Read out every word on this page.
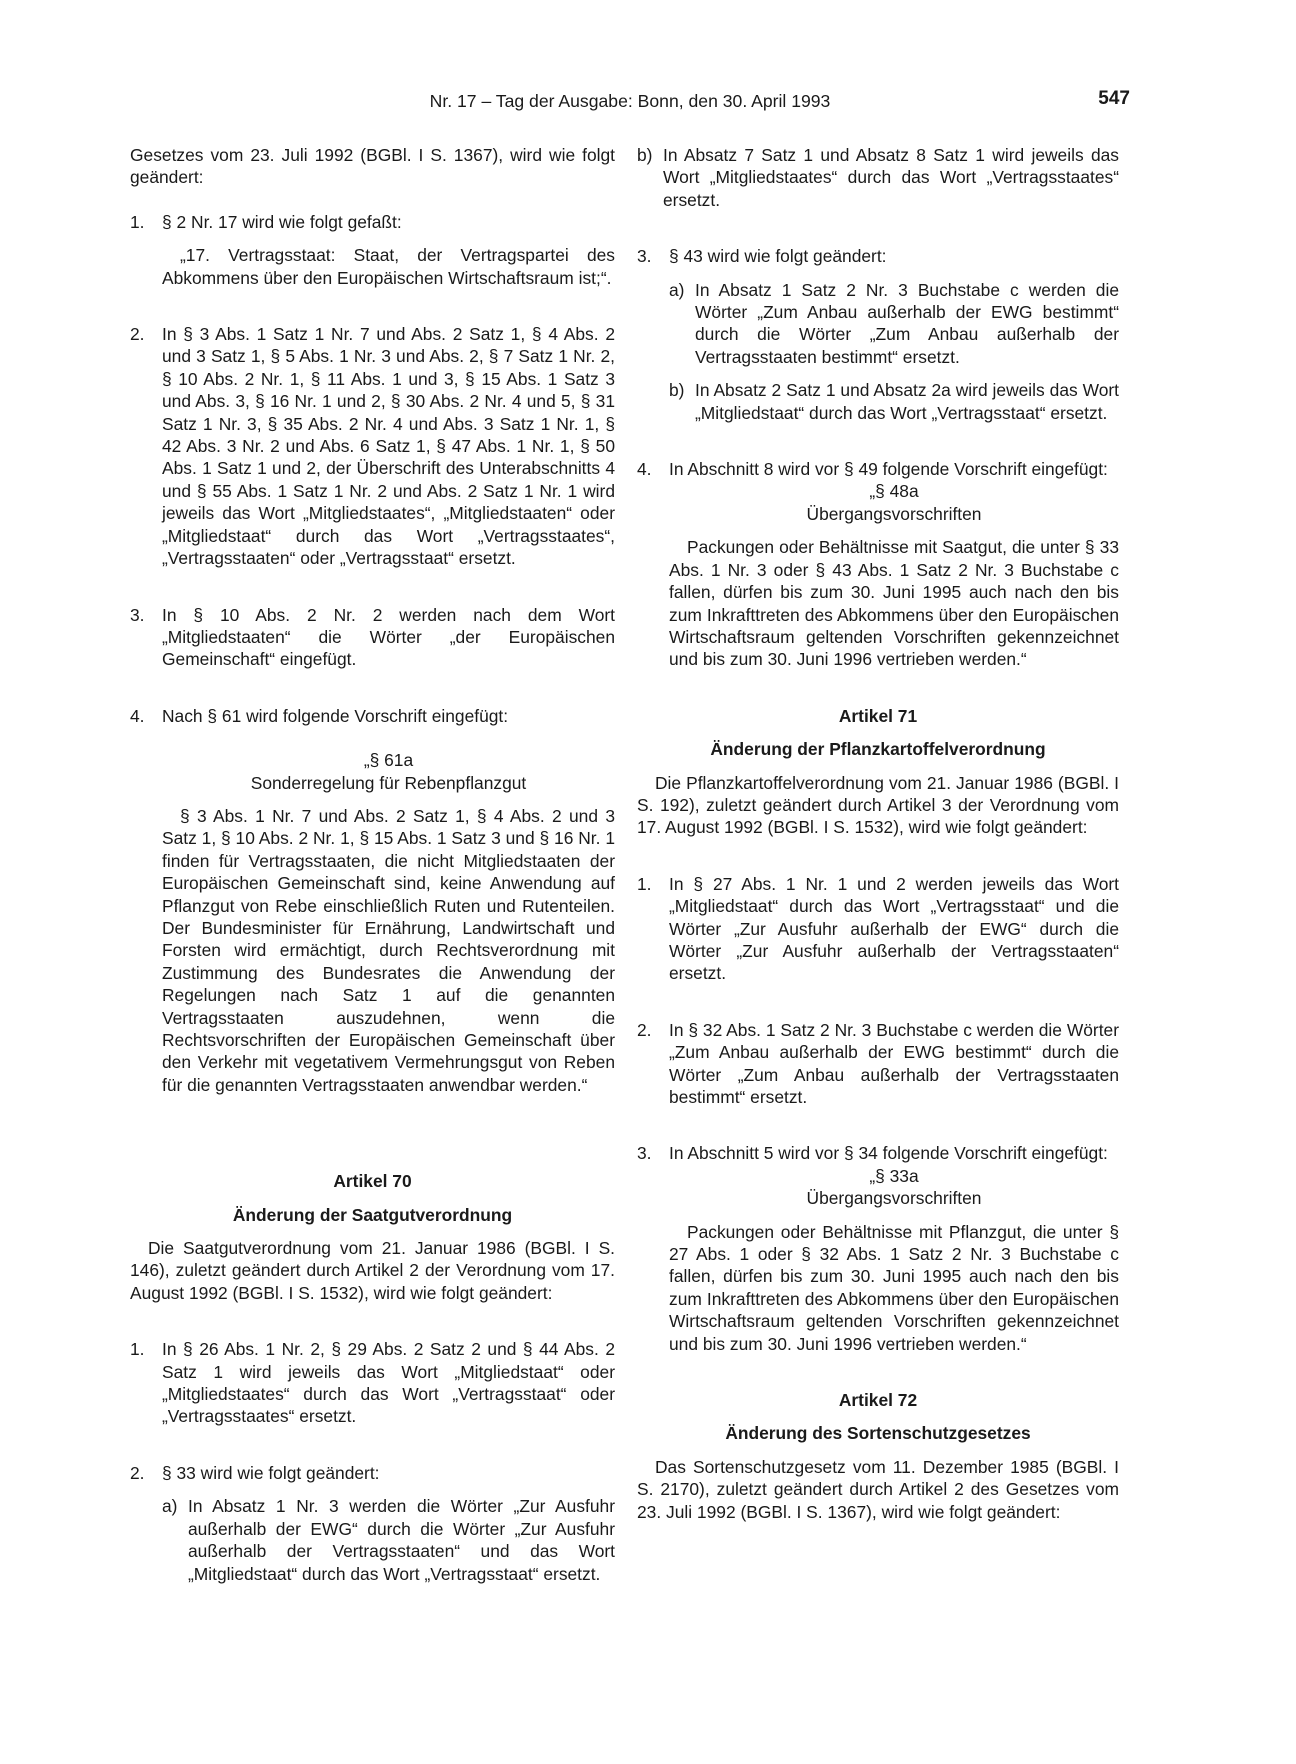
Nr. 17 – Tag der Ausgabe: Bonn, den 30. April 1993	547

Gesetzes vom 23. Juli 1992 (BGBl. I S. 1367), wird wie folgt geändert:

1. § 2 Nr. 17 wird wie folgt gefaßt:

„17. Vertragsstaat: Staat, der Vertragspartei des Abkommens über den Europäischen Wirtschaftsraum ist;“.

2. In § 3 Abs. 1 Satz 1 Nr. 7 und Abs. 2 Satz 1, § 4 Abs. 2 und 3 Satz 1, § 5 Abs. 1 Nr. 3 und Abs. 2, § 7 Satz 1 Nr. 2, § 10 Abs. 2 Nr. 1, § 11 Abs. 1 und 3, § 15 Abs. 1 Satz 3 und Abs. 3, § 16 Nr. 1 und 2, § 30 Abs. 2 Nr. 4 und 5, § 31 Satz 1 Nr. 3, § 35 Abs. 2 Nr. 4 und Abs. 3 Satz 1 Nr. 1, § 42 Abs. 3 Nr. 2 und Abs. 6 Satz 1, § 47 Abs. 1 Nr. 1, § 50 Abs. 1 Satz 1 und 2, der Überschrift des Unterabschnitts 4 und § 55 Abs. 1 Satz 1 Nr. 2 und Abs. 2 Satz 1 Nr. 1 wird jeweils das Wort „Mitgliedstaates“, „Mitgliedstaaten“ oder „Mitgliedstaat“ durch das Wort „Vertragsstaates“, „Vertragsstaaten“ oder „Vertragsstaat“ ersetzt.

3. In § 10 Abs. 2 Nr. 2 werden nach dem Wort „Mitgliedstaaten“ die Wörter „der Europäischen Gemeinschaft“ eingefügt.

4. Nach § 61 wird folgende Vorschrift eingefügt:

„§ 61a

Sonderregelung für Rebenpflanzgut

§ 3 Abs. 1 Nr. 7 und Abs. 2 Satz 1, § 4 Abs. 2 und 3 Satz 1, § 10 Abs. 2 Nr. 1, § 15 Abs. 1 Satz 3 und § 16 Nr. 1 finden für Vertragsstaaten, die nicht Mitgliedstaaten der Europäischen Gemeinschaft sind, keine Anwendung auf Pflanzgut von Rebe einschließlich Ruten und Rutenteilen. Der Bundesminister für Ernährung, Landwirtschaft und Forsten wird ermächtigt, durch Rechtsverordnung mit Zustimmung des Bundesrates die Anwendung der Regelungen nach Satz 1 auf die genannten Vertragsstaaten auszudehnen, wenn die Rechtsvorschriften der Europäischen Gemeinschaft über den Verkehr mit vegetativem Vermehrungsgut von Reben für die genannten Vertragsstaaten anwendbar werden.“

Artikel 70

Änderung der Saatgutverordnung

Die Saatgutverordnung vom 21. Januar 1986 (BGBl. I S. 146), zuletzt geändert durch Artikel 2 der Verordnung vom 17. August 1992 (BGBl. I S. 1532), wird wie folgt geändert:

1. In § 26 Abs. 1 Nr. 2, § 29 Abs. 2 Satz 2 und § 44 Abs. 2 Satz 1 wird jeweils das Wort „Mitgliedstaat“ oder „Mitgliedstaates“ durch das Wort „Vertragsstaat“ oder „Vertragsstaates“ ersetzt.

2. § 33 wird wie folgt geändert:

a) In Absatz 1 Nr. 3 werden die Wörter „Zur Ausfuhr außerhalb der EWG“ durch die Wörter „Zur Ausfuhr außerhalb der Vertragsstaaten“ und das Wort „Mitgliedstaat“ durch das Wort „Vertragsstaat“ ersetzt.

b) In Absatz 7 Satz 1 und Absatz 8 Satz 1 wird jeweils das Wort „Mitgliedstaates“ durch das Wort „Vertragsstaates“ ersetzt.

3. § 43 wird wie folgt geändert:

a) In Absatz 1 Satz 2 Nr. 3 Buchstabe c werden die Wörter „Zum Anbau außerhalb der EWG bestimmt“ durch die Wörter „Zum Anbau außerhalb der Vertragsstaaten bestimmt“ ersetzt.

b) In Absatz 2 Satz 1 und Absatz 2a wird jeweils das Wort „Mitgliedstaat“ durch das Wort „Vertragsstaat“ ersetzt.

4. In Abschnitt 8 wird vor § 49 folgende Vorschrift eingefügt:

„§ 48a

Übergangsvorschriften

Packungen oder Behältnisse mit Saatgut, die unter § 33 Abs. 1 Nr. 3 oder § 43 Abs. 1 Satz 2 Nr. 3 Buchstabe c fallen, dürfen bis zum 30. Juni 1995 auch nach den bis zum Inkrafttreten des Abkommens über den Europäischen Wirtschaftsraum geltenden Vorschriften gekennzeichnet und bis zum 30. Juni 1996 vertrieben werden.“

Artikel 71

Änderung der Pflanzkartoffelverordnung

Die Pflanzkartoffelverordnung vom 21. Januar 1986 (BGBl. I S. 192), zuletzt geändert durch Artikel 3 der Verordnung vom 17. August 1992 (BGBl. I S. 1532), wird wie folgt geändert:

1. In § 27 Abs. 1 Nr. 1 und 2 werden jeweils das Wort „Mitgliedstaat“ durch das Wort „Vertragsstaat“ und die Wörter „Zur Ausfuhr außerhalb der EWG“ durch die Wörter „Zur Ausfuhr außerhalb der Vertragsstaaten“ ersetzt.

2. In § 32 Abs. 1 Satz 2 Nr. 3 Buchstabe c werden die Wörter „Zum Anbau außerhalb der EWG bestimmt“ durch die Wörter „Zum Anbau außerhalb der Vertragsstaaten bestimmt“ ersetzt.

3. In Abschnitt 5 wird vor § 34 folgende Vorschrift eingefügt:

„§ 33a

Übergangsvorschriften

Packungen oder Behältnisse mit Pflanzgut, die unter § 27 Abs. 1 oder § 32 Abs. 1 Satz 2 Nr. 3 Buchstabe c fallen, dürfen bis zum 30. Juni 1995 auch nach den bis zum Inkrafttreten des Abkommens über den Europäischen Wirtschaftsraum geltenden Vorschriften gekennzeichnet und bis zum 30. Juni 1996 vertrieben werden.“

Artikel 72

Änderung des Sortenschutzgesetzes

Das Sortenschutzgesetz vom 11. Dezember 1985 (BGBl. I S. 2170), zuletzt geändert durch Artikel 2 des Gesetzes vom 23. Juli 1992 (BGBl. I S. 1367), wird wie folgt geändert:
